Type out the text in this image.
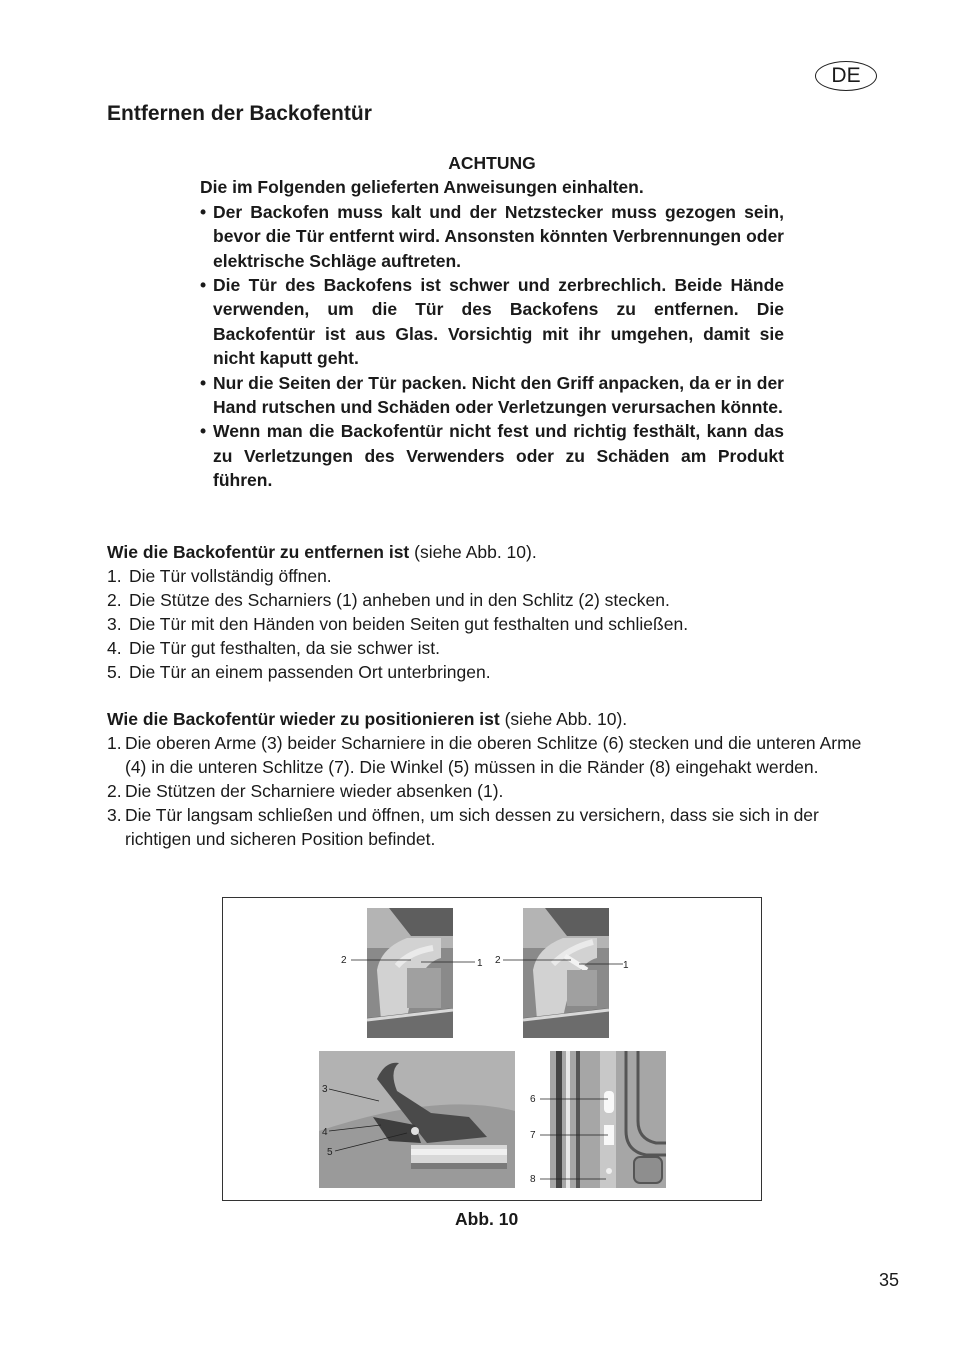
DE
Entfernen der Backofentür
ACHTUNG
Die im Folgenden gelieferten Anweisungen einhalten.
• Der Backofen muss kalt und der Netzstecker muss gezogen sein, bevor die Tür entfernt wird. Ansonsten könnten Verbrennungen oder elektrische Schläge auftreten.
• Die Tür des Backofens ist schwer und zerbrechlich. Beide Hände verwenden, um die Tür des Backofens zu entfernen. Die Backofentür ist aus Glas. Vorsichtig mit ihr umgehen, damit sie nicht kaputt geht.
• Nur die Seiten der Tür packen. Nicht den Griff anpacken, da er in der Hand rutschen und Schäden oder Verletzungen verursachen könnte.
• Wenn man die Backofentür nicht fest und richtig festhält, kann das zu Verletzungen des Verwenders oder zu Schäden am Produkt führen.
Wie die Backofentür zu entfernen ist (siehe Abb. 10).
1. Die Tür vollständig öffnen.
2. Die Stütze des Scharniers (1) anheben und in den Schlitz (2) stecken.
3. Die Tür mit den Händen von beiden Seiten gut festhalten und schließen.
4. Die Tür gut festhalten, da sie schwer ist.
5. Die Tür an einem passenden Ort unterbringen.
Wie die Backofentür wieder zu positionieren ist (siehe Abb. 10).
1. Die oberen Arme (3) beider Scharniere in die oberen Schlitze (6) stecken und die unteren Arme (4) in die unteren Schlitze (7). Die Winkel (5) müssen in die Ränder (8) eingehakt werden.
2. Die Stützen der Scharniere wieder absenken (1).
3. Die Tür langsam schließen und öffnen, um sich dessen zu versichern, dass sie sich in der richtigen und sicheren Position befindet.
2	1 2	1
3
4
5
6
7
8
Abb. 10
35
